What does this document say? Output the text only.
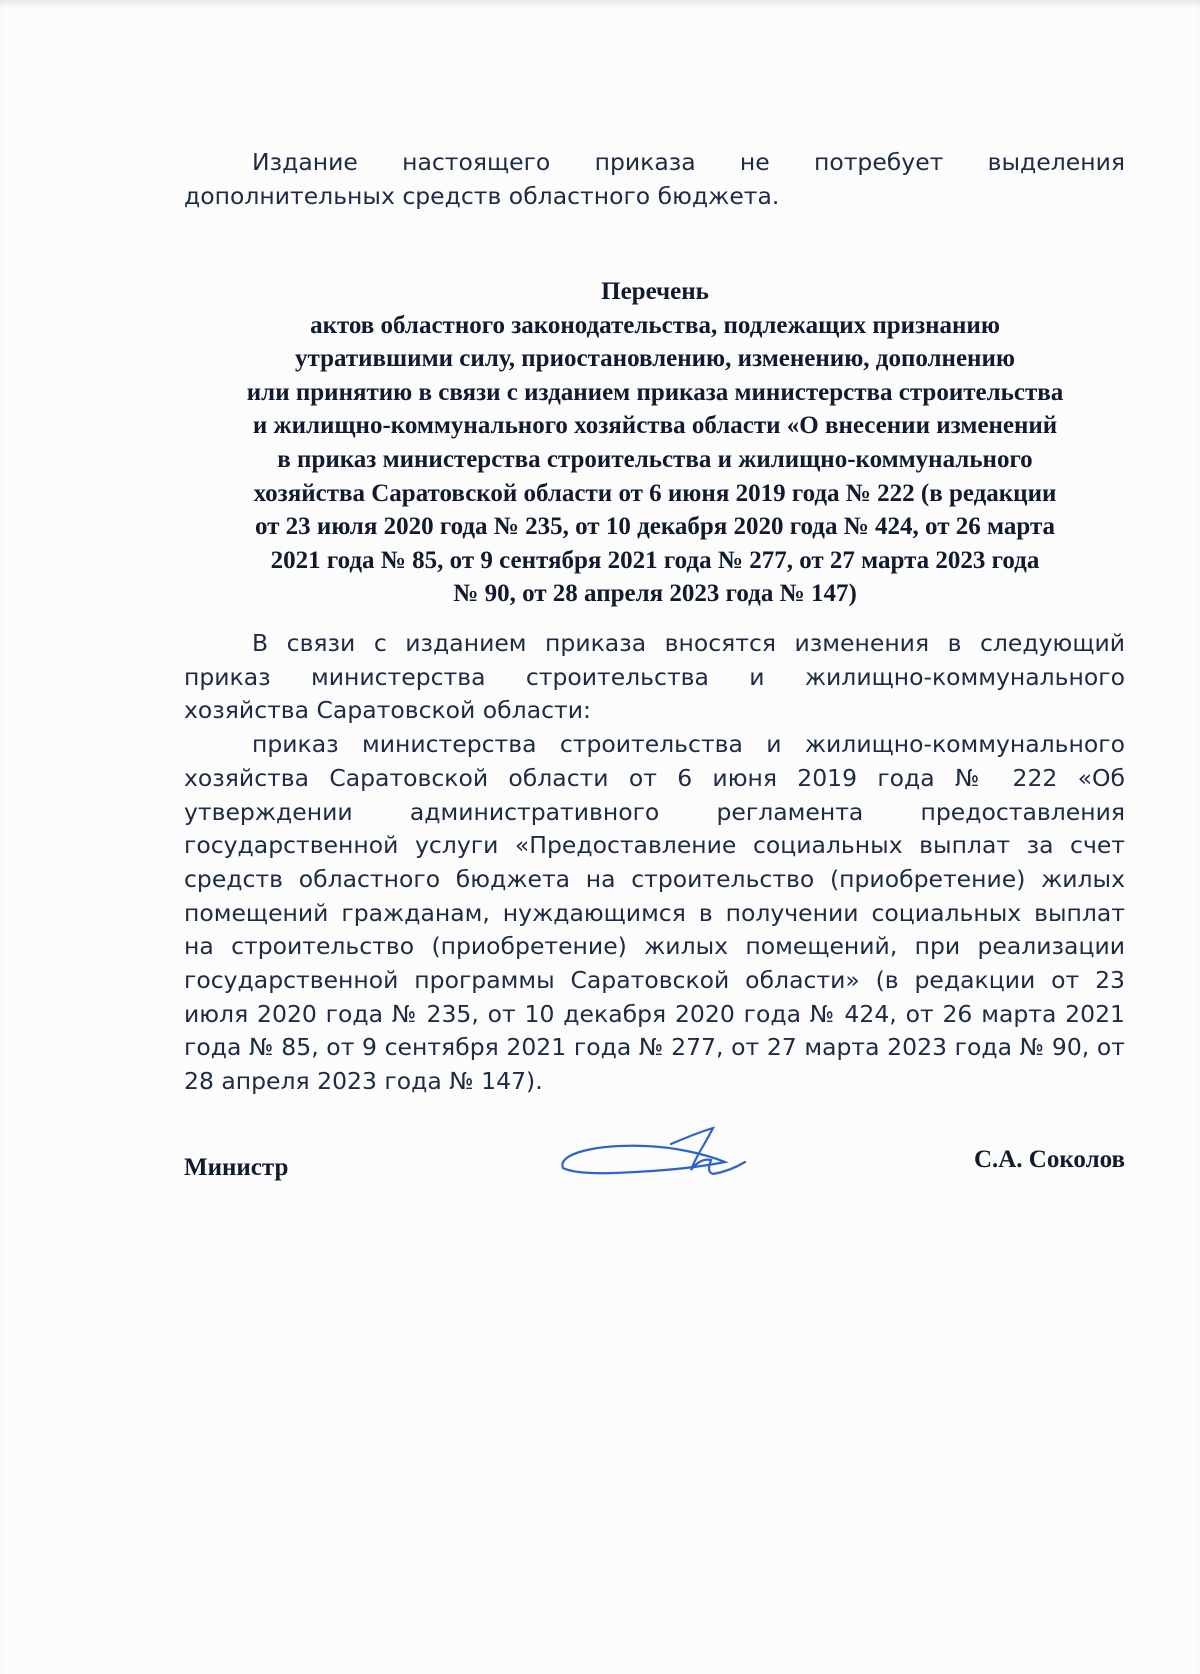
Издание настоящего приказа не потребует выделения дополнительных средств областного бюджета.

Перечень
актов областного законодательства, подлежащих признанию
утратившими силу, приостановлению, изменению, дополнению
или принятию в связи с изданием приказа министерства строительства
и жилищно-коммунального хозяйства области «О внесении изменений
в приказ министерства строительства и жилищно-коммунального
хозяйства Саратовской области от 6 июня 2019 года № 222 (в редакции
от 23 июля 2020 года № 235, от 10 декабря 2020 года № 424, от 26 марта
2021 года № 85, от 9 сентября 2021 года № 277, от 27 марта 2023 года
№ 90, от 28 апреля 2023 года № 147)

В связи с изданием приказа вносятся изменения в следующий приказ министерства строительства и жилищно-коммунального хозяйства Саратовской области:

приказ министерства строительства и жилищно-коммунального хозяйства Саратовской области от 6 июня 2019 года № 222 «Об утверждении административного регламента предоставления государственной услуги «Предоставление социальных выплат за счет средств областного бюджета на строительство (приобретение) жилых помещений гражданам, нуждающимся в получении социальных выплат на строительство (приобретение) жилых помещений, при реализации государственной программы Саратовской области» (в редакции от 23 июля 2020 года № 235, от 10 декабря 2020 года № 424, от 26 марта 2021 года № 85, от 9 сентября 2021 года № 277, от 27 марта 2023 года № 90, от 28 апреля 2023 года № 147).

Министр	С.А. Соколов
